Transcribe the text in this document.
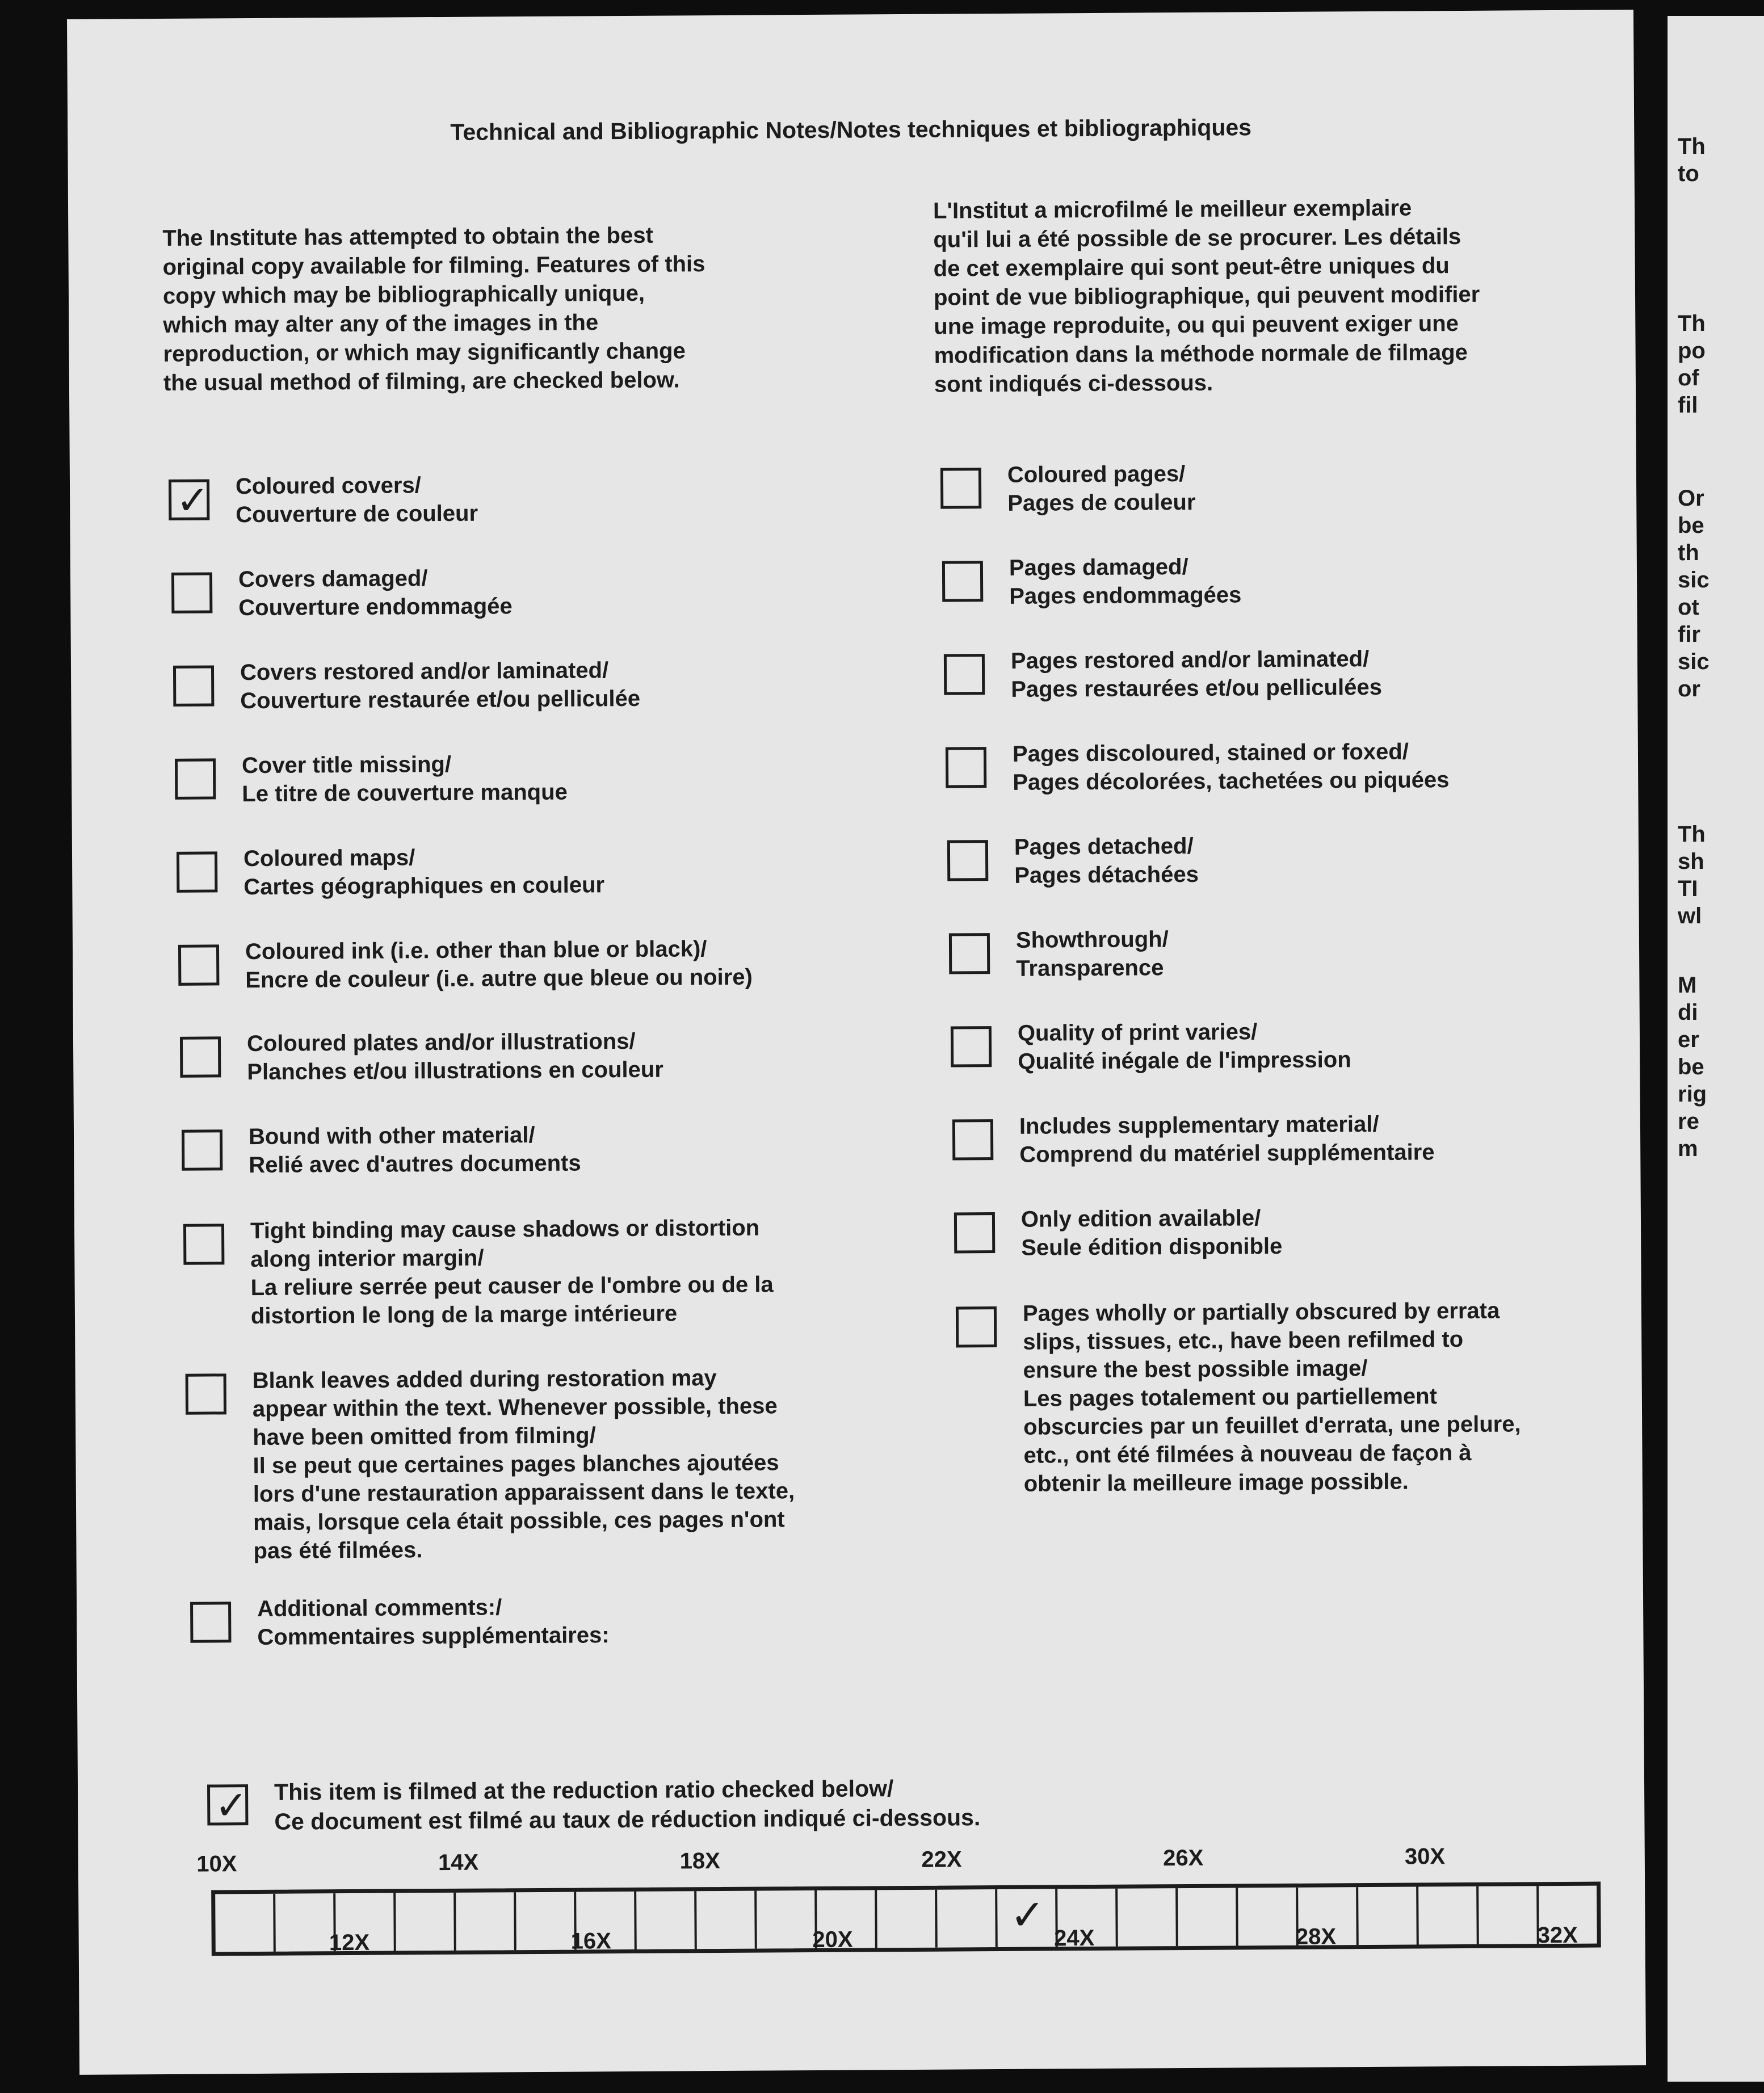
Technical and Bibliographic Notes/Notes techniques et bibliographiques

The Institute has attempted to obtain the best
original copy available for filming. Features of this
copy which may be bibliographically unique,
which may alter any of the images in the
reproduction, or which may significantly change
the usual method of filming, are checked below.

L'Institut a microfilmé le meilleur exemplaire
qu'il lui a été possible de se procurer. Les détails
de cet exemplaire qui sont peut-être uniques du
point de vue bibliographique, qui peuvent modifier
une image reproduite, ou qui peuvent exiger une
modification dans la méthode normale de filmage
sont indiqués ci-dessous.

✓ Coloured covers/
Couverture de couleur
Covers damaged/
Couverture endommagée
Covers restored and/or laminated/
Couverture restaurée et/ou pelliculée
Cover title missing/
Le titre de couverture manque
Coloured maps/
Cartes géographiques en couleur
Coloured ink (i.e. other than blue or black)/
Encre de couleur (i.e. autre que bleue ou noire)
Coloured plates and/or illustrations/
Planches et/ou illustrations en couleur
Bound with other material/
Relié avec d'autres documents
Tight binding may cause shadows or distortion
along interior margin/
La reliure serrée peut causer de l'ombre ou de la
distortion le long de la marge intérieure
Blank leaves added during restoration may
appear within the text. Whenever possible, these
have been omitted from filming/
Il se peut que certaines pages blanches ajoutées
lors d'une restauration apparaissent dans le texte,
mais, lorsque cela était possible, ces pages n'ont
pas été filmées.
Additional comments:/
Commentaires supplémentaires:
Coloured pages/
Pages de couleur
Pages damaged/
Pages endommagées
Pages restored and/or laminated/
Pages restaurées et/ou pelliculées
Pages discoloured, stained or foxed/
Pages décolorées, tachetées ou piquées
Pages detached/
Pages détachées
Showthrough/
Transparence
Quality of print varies/
Qualité inégale de l'impression
Includes supplementary material/
Comprend du matériel supplémentaire
Only edition available/
Seule édition disponible
Pages wholly or partially obscured by errata
slips, tissues, etc., have been refilmed to
ensure the best possible image/
Les pages totalement ou partiellement
obscurcies par un feuillet d'errata, une pelure,
etc., ont été filmées à nouveau de façon à
obtenir la meilleure image possible.
✓ This item is filmed at the reduction ratio checked below/
Ce document est filmé au taux de réduction indiqué ci-dessous.
✓
10X	14X	18X	22X	26X	30X
12X	16X	20X	24X	28X	32X

Th
to

Th
po
of
fil

Or
be
th
sic
ot
fir
sic
or

Th
sh
TI
wl

M
di
er
be
rig
re
m
